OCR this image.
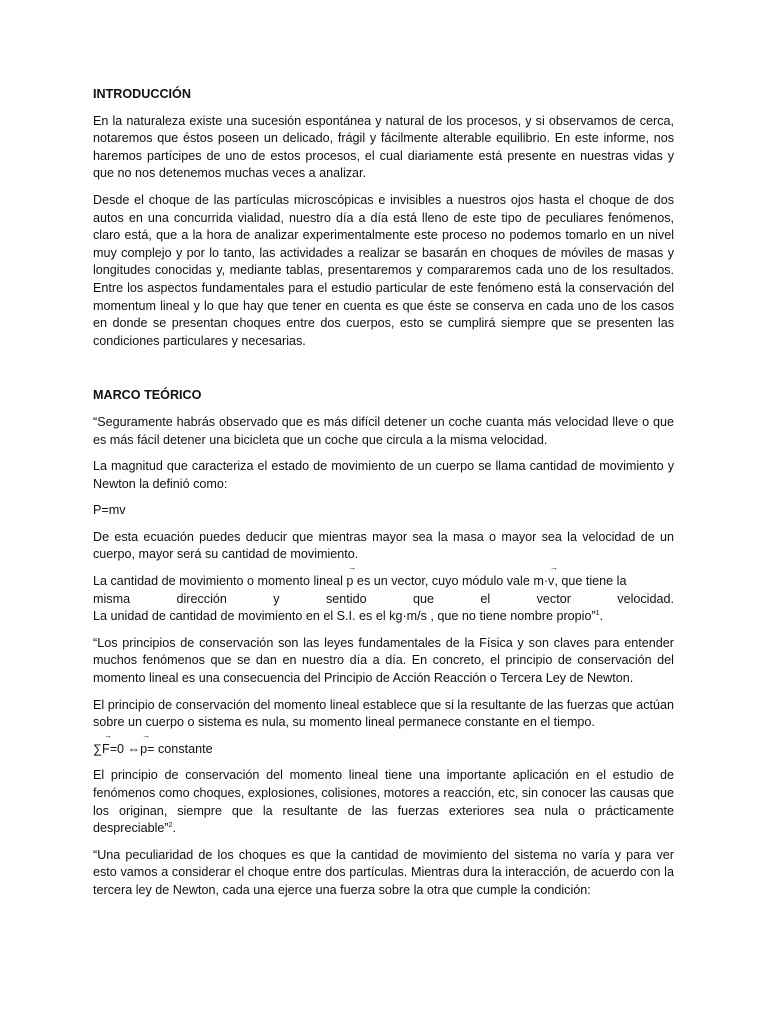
INTRODUCCIÓN

En la naturaleza existe una sucesión espontánea y natural de los procesos, y si observamos de cerca, notaremos que éstos poseen un delicado, frágil y fácilmente alterable equilibrio. En este informe, nos haremos partícipes de uno de estos procesos, el cual diariamente está presente en nuestras vidas y que no nos detenemos muchas veces a analizar.

Desde el choque de las partículas microscópicas e invisibles a nuestros ojos hasta el choque de dos autos en una concurrida vialidad, nuestro día a día está lleno de este tipo de peculiares fenómenos, claro está, que a la hora de analizar experimentalmente este proceso no podemos tomarlo en un nivel muy complejo y por lo tanto, las actividades a realizar se basarán en choques de móviles de masas y longitudes conocidas y, mediante tablas, presentaremos y compararemos cada uno de los resultados. Entre los aspectos fundamentales para el estudio particular de este fenómeno está la conservación del momentum lineal y lo que hay que tener en cuenta es que éste se conserva en cada uno de los casos en donde se presentan choques entre dos cuerpos, esto se cumplirá siempre que se presenten las condiciones particulares y necesarias.

MARCO TEÓRICO

“Seguramente habrás observado que es más difícil detener un coche cuanta más velocidad lleve o que es más fácil detener una bicicleta que un coche que circula a la misma velocidad.

La magnitud que caracteriza el estado de movimiento de un cuerpo se llama cantidad de movimiento y Newton la definió como:

P=mv

De esta ecuación puedes deducir que mientras mayor sea la masa o mayor sea la velocidad de un cuerpo, mayor será su cantidad de movimiento.

La cantidad de movimiento o momento lineal p → es un vector, cuyo módulo vale m·v →, que tiene la
misma	dirección	y	sentido	que	el	vector	velocidad.
La unidad de cantidad de movimiento en el S.I. es el kg·m/s , que no tiene nombre propio”$^1$.

“Los principios de conservación son las leyes fundamentales de la Física y son claves para entender muchos fenómenos que se dan en nuestro día a día. En concreto, el principio de conservación del momento lineal es una consecuencia del Principio de Acción Reacción o Tercera Ley de Newton.

El principio de conservación del momento lineal establece que si la resultante de las fuerzas que actúan sobre un cuerpo o sistema es nula, su momento lineal permanece constante en el tiempo.

∑F →=0 ⇔p →= constante

El principio de conservación del momento lineal tiene una importante aplicación en el estudio de fenómenos como choques, explosiones, colisiones, motores a reacción, etc, sin conocer las causas que los originan, siempre que la resultante de las fuerzas exteriores sea nula o prácticamente despreciable”$^2$.

“Una peculiaridad de los choques es que la cantidad de movimiento del sistema no varía y para ver esto vamos a considerar el choque entre dos partículas. Mientras dura la interacción, de acuerdo con la tercera ley de Newton, cada una ejerce una fuerza sobre la otra que cumple la condición:
